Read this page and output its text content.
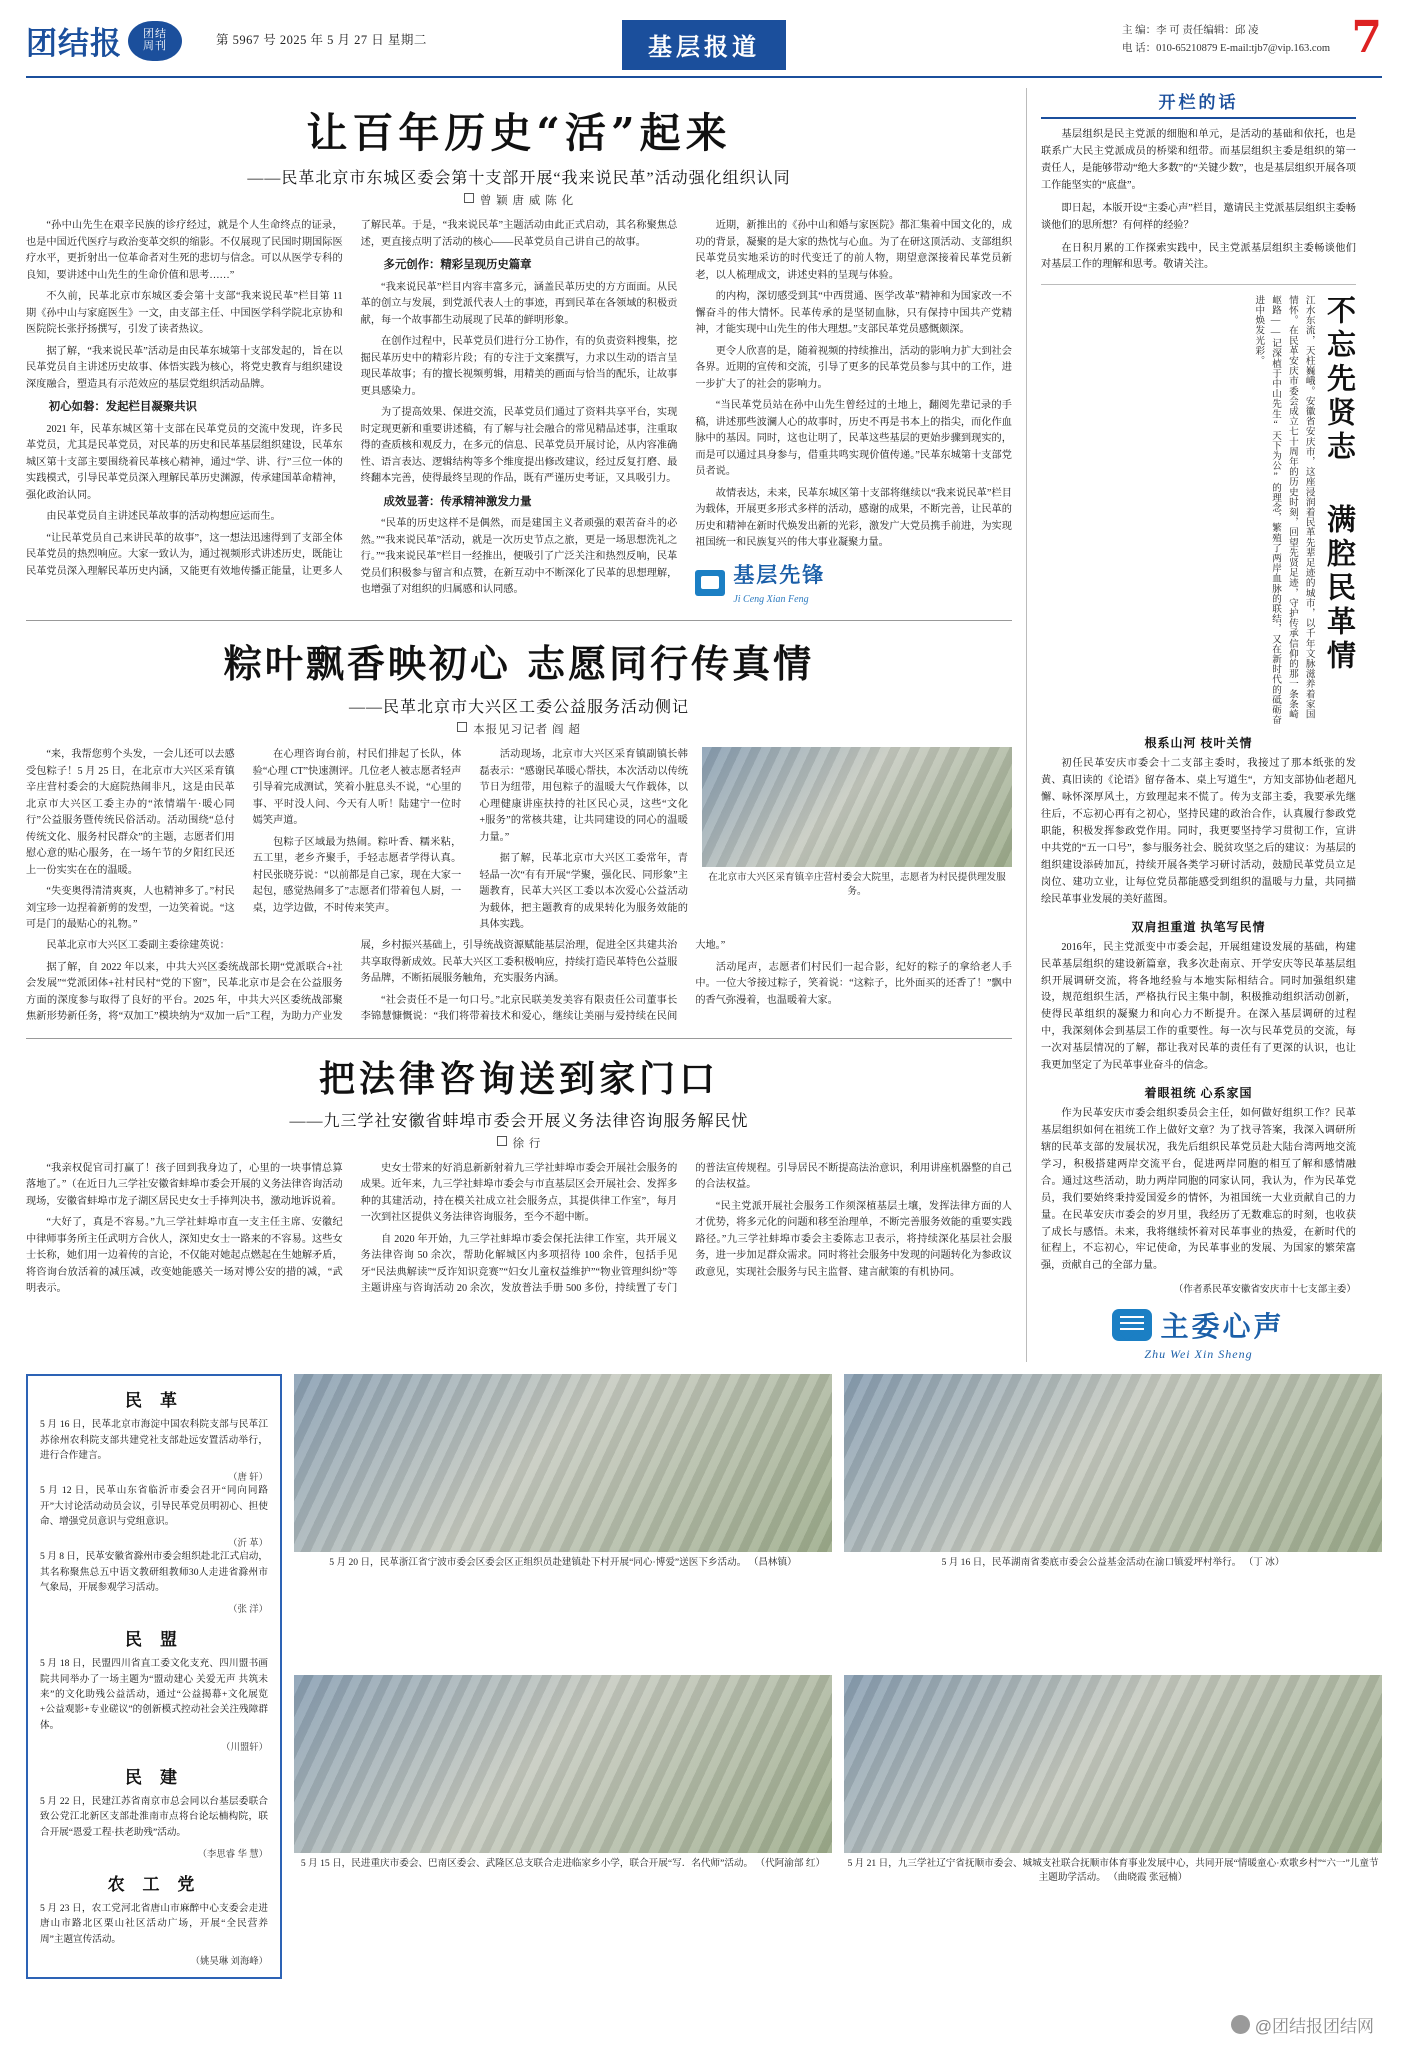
团结报 团结
周刊	第 5967 号 2025 年 5 月 27 日 星期二	基层报道
主 编：李 可 责任编辑：邱 凌
电 话：010-65210879 E-mail:tjb7@vip.163.com 7
让百年历史“活”起来
——民革北京市东城区委会第十支部开展“我来说民革”活动强化组织认同
曾 颖 唐 威 陈 化

“孙中山先生在艰辛民族的诊疗经过，就是个人生命终点的证录，也是中国近代医疗与政治变革交织的缩影。不仅展现了民国时期国际医疗水平，更折射出一位革命者对生死的悲切与信念。可以从医学专科的良知，要讲述中山先生的生命价值和思考……”

不久前，民革北京市东城区委会第十支部“我来说民革”栏目第 11 期《孙中山与家庭医生》一文，由支部主任、中国医学科学院北京协和医院院长张抒扬撰写，引发了读者热议。

据了解，“我来说民革”活动是由民革东城第十支部发起的，旨在以民革党员自主讲述历史故事、体悟实践为核心，将党史教育与组织建设深度融合，塑造具有示范效应的基层党组织活动品牌。

初心如磐：发起栏目凝聚共识

2021 年，民革东城区第十支部在民革党员的交流中发现，许多民革党员，尤其是民革党员，对民革的历史和民革基层组织建设，民革东城区第十支部主要围绕着民革核心精神，通过“学、讲、行”三位一体的实践模式，引导民革党员深入理解民革历史渊源，传承建国革命精神，强化政治认同。

由民革党员自主讲述民革故事的活动构想应运而生。

“让民革党员自己来讲民革的故事”，这一想法迅速得到了支部全体民革党员的热烈响应。大家一致认为，通过视频形式讲述历史，既能让民革党员深入理解民革历史内涵，又能更有效地传播正能量，让更多人了解民革。于是，“我来说民革”主题活动由此正式启动，其名称聚焦总述，更直接点明了活动的核心——民革党员自己讲自己的故事。

多元创作：精彩呈现历史篇章

“我来说民革”栏目内容丰富多元，涵盖民革历史的方方面面。从民革的创立与发展，到党派代表人士的事迹，再到民革在各领域的积极贡献，每一个故事都生动展现了民革的鲜明形象。

在创作过程中，民革党员们进行分工协作，有的负责资料搜集，挖掘民革历史中的精彩片段；有的专注于文案撰写，力求以生动的语言呈现民革故事；有的擅长视频剪辑，用精美的画面与恰当的配乐，让故事更具感染力。

为了提高效果、保进交流，民革党员们通过了资料共享平台，实现时定现更新和重要讲述稿，有了解与社会融合的常见精品述事，注重取得的查质核和观反力，在多元的信息、民革党员开展讨论，从内容准确性、语言表达、逻辑结构等多个维度提出修改建议，经过反复打磨、最终翻本完善，使得最终呈现的作品，既有严谨历史考证，又具吸引力。

成效显著：传承精神激发力量

“民革的历史这样不是偶然，而是建国主义者顽强的艰苦奋斗的必然。”“我来说民革”活动，就是一次历史节点之旅，更是一场思想洗礼之行。”“我来说民革”栏目一经推出，便吸引了广泛关注和热烈反响，民革党员们积极参与留言和点赞，在新互动中不断深化了民革的思想理解，也增强了对组织的归属感和认同感。

近期，新推出的《孙中山和婚与家医院》都汇集着中国文化的，成功的背景，凝聚的是大家的热忱与心血。为了在研这顶活动、支部组织民革党员实地采访的时代变迁了的前人物，期望意深接着民革党员新老，以人梳理成文，讲述史料的呈现与体验。

的内构，深切感受到其“中西贯通、医学改革”精神和为国家改一不懈奋斗的伟大情怀。民革传承的是坚韧血脉，只有保持中国共产党精神，才能实现中山先生的伟大理想。”支部民革党员感慨颇深。

更令人欣喜的是，随着视频的持续推出，活动的影响力扩大到社会各界。近期的宣传和交流，引导了更多的民革党员参与其中的工作，进一步扩大了的社会的影响力。

“当民革党员站在孙中山先生曾经过的土地上，翻阅先辈记录的手稿，讲述那些波澜人心的故事时，历史不再是书本上的指尖，而化作血脉中的基因。同时，这也让明了，民革这些基层的更始步骤到现实的，而是可以通过具身参与，借重共鸣实现价值传递。”民革东城第十支部党员者说。

故情表达，未来，民革东城区第十支部将继续以“我来说民革”栏目为载体，开展更多形式多样的活动，感谢的成果，不断完善，让民革的历史和精神在新时代焕发出新的光彩，激发广大党员携手前进，为实现祖国统一和民族复兴的伟大事业凝聚力量。

基层先锋
Ji Ceng Xian Feng
粽叶飘香映初心 志愿同行传真情
——民革北京市大兴区工委公益服务活动侧记
本报见习记者 阎 超

“来，我帮您剪个头发，一会儿还可以去感受包粽子！5 月 25 日，在北京市大兴区采育镇辛庄营村委会的大庭院热闹非凡，这是由民革北京市大兴区工委主办的“浓情端午·暖心同行”公益服务暨传统民俗活动。活动围绕“总付传统文化、服务村民群众”的主题，志愿者们用慰心意的贴心服务，在一场午节的夕阳红民还上一份实实在在的温暖。

“失变奥得清清爽爽，人也精神多了。”村民刘宝珍一边捏着新剪的发型，一边笑着说。“这可是门的最贴心的礼物。”

在心理咨询台前，村民们排起了长队，体验“心理 CT”快速测评。几位老人被志愿者轻声引导着完成测试，笑着小脏息头不说，“心里的事、平时没人问、今天有人听！陆建宁一位时嫣笑声道。

包粽子区域最为热闹。粽叶香、糯米粘，五工里，老乡齐聚手，手轻志愿者学得认真。村民张晓芬说：“以前都是自己家，现在大家一起包，感觉热闹多了”志愿者们带着包人厨，一桌，边学边做，不时传来笑声。

活动现场，北京市大兴区采育镇副镇长韩磊表示：“感谢民革暖心帮扶，本次活动以传统节日为纽带，用包粽子的温暖大气作载体，以心理健康讲座扶持的社区民心灵，这些“文化+服务”的常核共建，让共同建设的同心的温暖力量。”

据了解，民革北京市大兴区工委常年，青轻晶一次“有有开展“学聚，强化民、同形象”主题教育，民革大兴区工委以本次爱心公益活动为载体，把主题教育的成果转化为服务效能的具体实践。

在北京市大兴区采育镇辛庄营村委会大院里，志愿者为村民提供理发服务。

民革北京市大兴区工委副主委徐建英说：

据了解，自 2022 年以来，中共大兴区委统战部长期“党派联合+社会发展”“党派团体+社村民村“党的下窗”，民革北京市是会在公益服务方面的深度参与取得了良好的平台。2025 年，中共大兴区委统战部聚焦新形势新任务，将“双加工”模块纳为“双加一后”工程，为助力产业发展，乡村振兴基础上，引导统战资源赋能基层治理，促进全区共建共治共享取得新成效。民革大兴区工委积极响应，持续打造民革特色公益服务品牌，不断拓展服务触角，充实服务内涵。

“社会责任不是一句口号。”北京民联美发美容有限责任公司董事长李锦慧慷慨说：“我们将带着技术和爱心，继续让美丽与爱持续在民间大地。”

活动尾声，志愿者们村民们一起合影，纪好的粽子的拿给老人手中。一位大爷接过粽子，笑着说：“这粽子，比外面买的还香了！”飘中的香气弥漫着，也温暖着大家。

把法律咨询送到家门口
——九三学社安徽省蚌埠市委会开展义务法律咨询服务解民忧
徐 行

“我亲权促官司打赢了！孩子回到我身边了，心里的一块事情总算落地了。”（在近日九三学社安徽省蚌埠市委会开展的义务法律咨询活动现场，安徽省蚌埠市龙子湖区居民史女士手捧判决书，激动地诉说着。

“大好了，真是不容易。”九三学社蚌埠市直一支主任主席、安徽纪中律师事务所主任武明方合伙人，深知史女士一路来的不容易。这些女士长称，她们用一边着传的言论，不仅能对她起点燃起在生她解矛盾，将咨询台放活着的减压减，改变她能感关一场对博公安的措的减，“武明表示。

史女士带来的好消息新新射着九三学社蚌埠市委会开展社会服务的成果。近年来，九三学社蚌埠市委会与市直基层区会开展社会、发挥多种的其建活动，持在模关社成立社会服务点，其提供律工作室”，每月一次到社区提供义务法律咨询服务，至今不超中断。

自 2020 年开始，九三学社蚌埠市委会保托法律工作室，共开展义务法律咨询 50 余次，帮助化解城区内多项招待 100 余件，包括手见牙“民法典解读”“反诈知识竞赛”“妇女儿童权益维护”“物业管理纠纷”等主题讲座与咨询活动 20 余次，发放普法手册 500 多份，持续置了专门的普法宣传规程。引导居民不断提高法治意识，利用讲座机器整的自己的合法权益。

“民主党派开展社会服务工作须深植基层土壤，发挥法律方面的人才优势，将多元化的问题和移至治理单，不断完善服务效能的重要实践路径。”九三学社蚌埠市委会主委陈志卫表示，将持续深化基层社会服务，进一步加足群众需求。同时将社会服务中发现的问题转化为参政议政意见，实现社会服务与民主监督、建言献策的有机协同。

开栏的话

基层组织是民主党派的细胞和单元，是活动的基础和依托，也是联系广大民主党派成员的桥梁和纽带。而基层组织主委是组织的第一责任人，是能够带动“绝大多数”的“关键少数”，也是基层组织开展各项工作能坚实的“底盘”。

即日起，本版开设“主委心声”栏目，邀请民主党派基层组织主委畅谈他们的思所想？有何样的经验？

在日积月累的工作探索实践中，民主党派基层组织主委畅谈他们对基层工作的理解和思考。敬请关注。

不忘先贤志 满腔民革情
江水东流，天柱巍峨。安徽省安庆市，这座浸润着民革先辈足迹的城市，以千年文脉滋养着家国情怀。在民革安庆市委会成立七十周年的历史时刻，回望先贤足迹，守护传承信仰的那一条条崎岖路——记深植于中山先生“天下为公”的理念，繁殖了两岸血脉的联结，又在新时代的砥砺奋进中焕发光彩。
根系山河 枝叶关情

初任民革安庆市委会十二支部主委时，我接过了那本纸张的发黄、真旧读的《论语》留存备本、桌上写道生“，方知支部协仙老超凡懈、咏怀深厚风土，方致理起来不慌了。传为支部主委，我要承先继往后，不忘初心再有之初心，坚持民建的政治合作，认真履行参政党职能，积极发挥参政党作用。同时，我更要坚持学习贯彻工作，宣讲中共党的“五一口号”，参与服务社会、脱贫攻坚之后的建议：为基层的组织建设添砖加瓦，持续开展各类学习研讨活动，鼓励民革党员立足岗位、建功立业，让每位党员都能感受到组织的温暖与力量，共同描绘民革事业发展的美好蓝图。

双肩担重道 执笔写民情

2016年，民主党派变中市委会起，开展组建设发展的基础，构建民革基层组织的建设新篇章，我多次赴南京、开学安庆等民革基层组织开展调研交流，将各地经验与本地实际相结合。同时加强组织建设，规范组织生活，严格执行民主集中制，积极推动组织活动创新，使得民革组织的凝聚力和向心力不断提升。在深入基层调研的过程中，我深刻体会到基层工作的重要性。每一次与民革党员的交流，每一次对基层情况的了解，都让我对民革的责任有了更深的认识，也让我更加坚定了为民革事业奋斗的信念。

着眼祖统 心系家国

作为民革安庆市委会组织委员会主任，如何做好组织工作？民革基层组织如何在祖统工作上做好文章？为了找寻答案，我深入调研所辖的民革支部的发展状况，我先后组织民革党员赴大陆台湾两地交流学习，积极搭建两岸交流平台，促进两岸同胞的相互了解和感情融合。通过这些活动，助力两岸同胞的同家认同，我认为，作为民革党员，我们要始终秉持爱国爱乡的情怀，为祖国统一大业贡献自己的力量。在民革安庆市委会的岁月里，我经历了无数难忘的时刻，也收获了成长与感悟。未来，我将继续怀着对民革事业的热爱，在新时代的征程上，不忘初心，牢记使命，为民革事业的发展、为国家的繁荣富强，贡献自己的全部力量。

（作者系民革安徽省安庆市十七支部主委）
主委心声
Zhu Wei Xin Sheng
民 革
5 月 16 日，民革北京市海淀中国农科院支部与民革江苏徐州农科院支部共建党社支部赴远安置活动举行，进行合作建言。
（唐 轩）
5 月 12 日，民革山东省临沂市委会召开“同向同路开”大讨论活动动员会议，引导民革党员明初心、担使命、增强党员意识与党组意识。
（沂 革）
5 月 8 日，民革安徽省滁州市委会组织赴北江式启动，其名称聚焦总五中语文教研组教师30人走进省滁州市气象局，开展参观学习活动。
（张 洋）
民 盟
5 月 18 日，民盟四川省直工委文化支充、四川盟书画院共同举办了一场主题为“盟动建心 关爱无声 共筑未来”的文化助残公益活动，通过“公益揭幕+文化展览+公益观影+专业磋议”的创新模式控动社会关注残障群体。
（川盟轩）
民 建
5 月 22 日，民建江苏省南京市总会同以台基层委联合致公党江北新区支部赴淮南市点将台论坛楠构院，联合开展“恩爱工程·扶老助残”活动。
（李思睿 华 慧）
农 工 党
5 月 23 日，农工党河北省唐山市麻醉中心支委会走进唐山市路北区栗山社区活动广场，开展“全民营养周”主题宣传活动。
（姚昊琳 刘海峰）
5 月 20 日，民革浙江省宁波市委会区委会区正组织员赴建镇赴下村开展“同心·博爱”送医下乡活动。 （昌林镇）	5 月 16 日，民革湖南省娄底市委会公益基金活动在渝口镇爱坪村举行。 （丁 冰）
5 月 15 日，民进重庆市委会、巴南区委会、武隆区总支联合走进临家乡小学，联合开展“写．名代师”活动。 （代阿渝部 红）	5 月 21 日，九三学社辽宁省抚顺市委会、城城支社联合抚顺市体育事业发展中心，共同开展“情暖童心·欢歌乡村”“六一”儿童节主题助学活动。 （曲晓霞 张冠楠）
@团结报团结网
